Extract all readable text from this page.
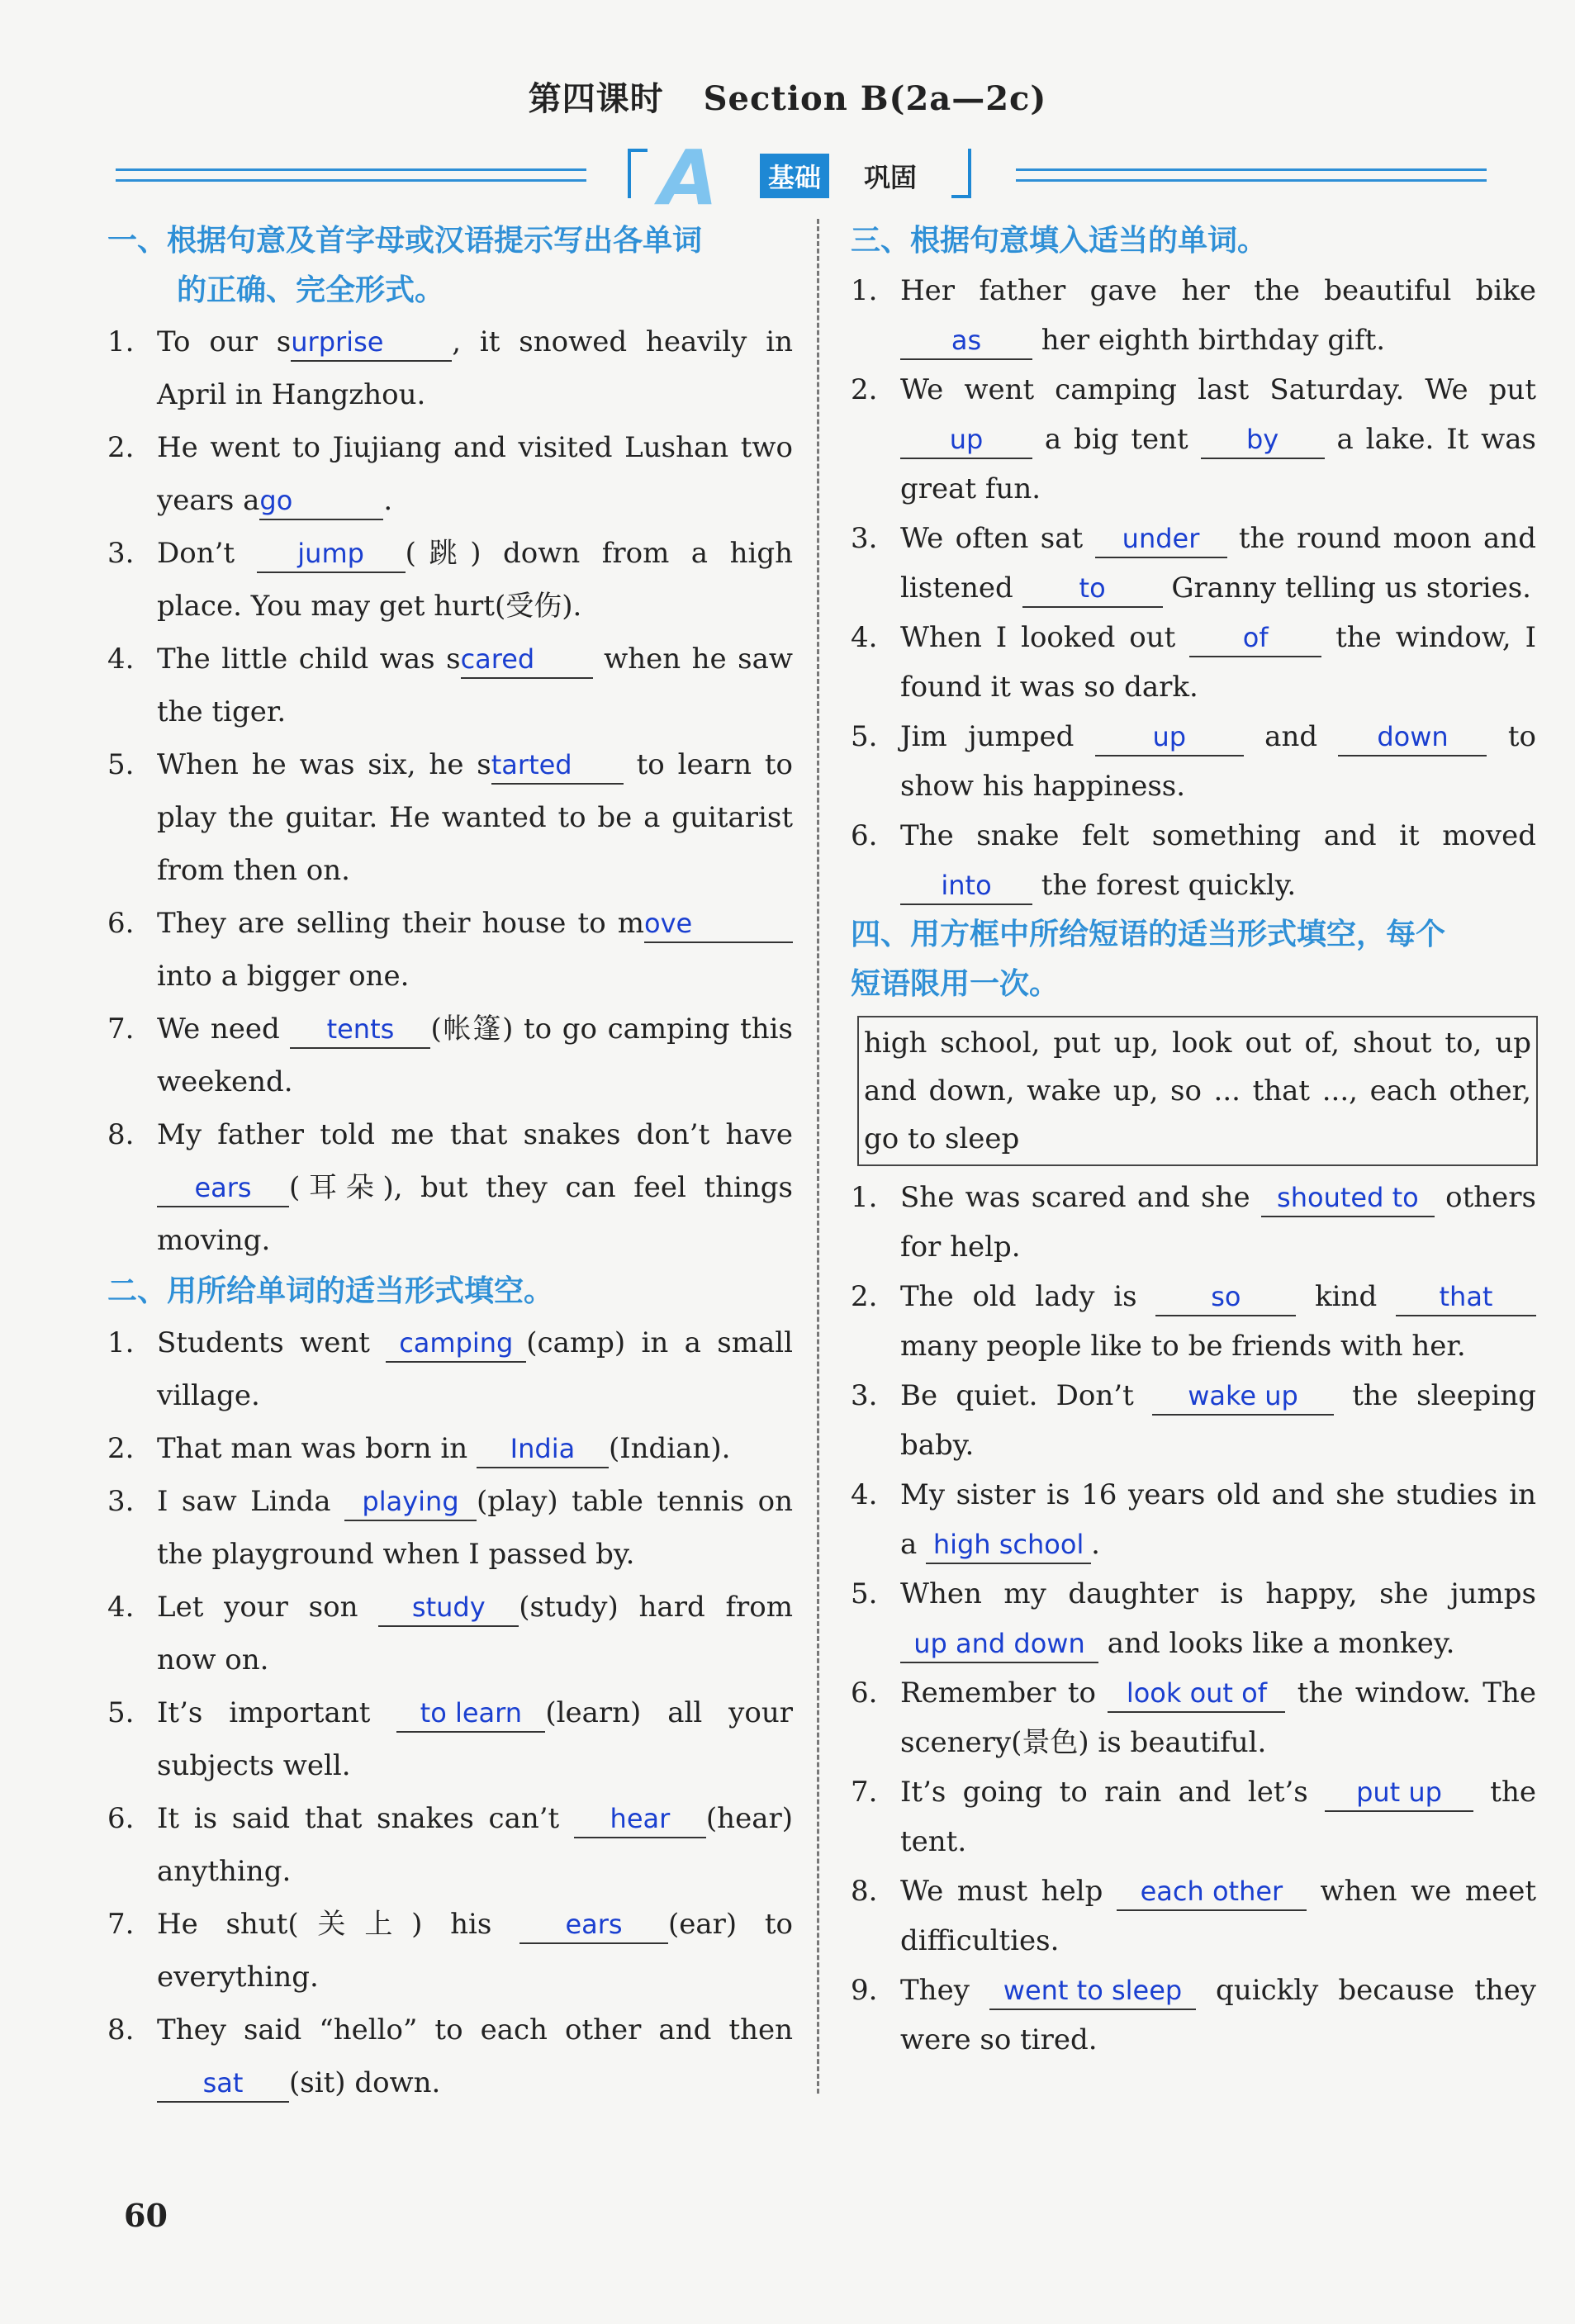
第四课时 Section B(2a—2c)
A	基础	巩固
一、根据句意及首字母或汉语提示写出各单词
的正确、完全形式。
1. To our surprise , it snowed heavily in April in Hangzhou.
2. He went to Jiujiang and visited Lushan two years ago	.
3. Don’t jump (跳) down from a high place. You may get hurt(受伤).
4. The little child was scared when he saw the tiger.
5. When he was six, he started to learn to play the guitar. He wanted to be a guitarist from then on.
6. They are selling their house to move into a bigger one.
7. We need tents (帐篷) to go camping this weekend.
8. My father told me that snakes don’t have ears (耳朵), but they can feel things moving.
二、用所给单词的适当形式填空。
1. Students went camping (camp) in a small village.
2. That man was born in India (Indian).
3. I saw Linda playing (play) table tennis on the playground when I passed by.
4. Let your son study (study) hard from now on.
5. It’s important to learn (learn) all your subjects well.
6. It is said that snakes can’t hear (hear) anything.
7. He shut(关上) his ears (ear) to everything.
8. They said “hello” to each other and then sat (sit) down.
三、根据句意填入适当的单词。
1. Her father gave her the beautiful bike as her eighth birthday gift.
2. We went camping last Saturday. We put up a big tent by a lake. It was great fun.
3. We often sat under the round moon and listened to Granny telling us stories.
4. When I looked out of the window, I found it was so dark.
5. Jim jumped up and down to show his happiness.
6. The snake felt something and it moved into the forest quickly.
四、用方框中所给短语的适当形式填空，每个
短语限用一次。
high school, put up, look out of, shout to, up and down, wake up, so ... that ..., each other, go to sleep
1. She was scared and she shouted to others for help.
2. The old lady is so kind that many people like to be friends with her.
3. Be quiet. Don’t wake up the sleeping baby.
4. My sister is 16 years old and she studies in a high school .
5. When my daughter is happy, she jumps up and down and looks like a monkey.
6. Remember to look out of the window. The scenery(景色) is beautiful.
7. It’s going to rain and let’s put up the tent.
8. We must help each other when we meet difficulties.
9. They went to sleep quickly because they were so tired.
60
